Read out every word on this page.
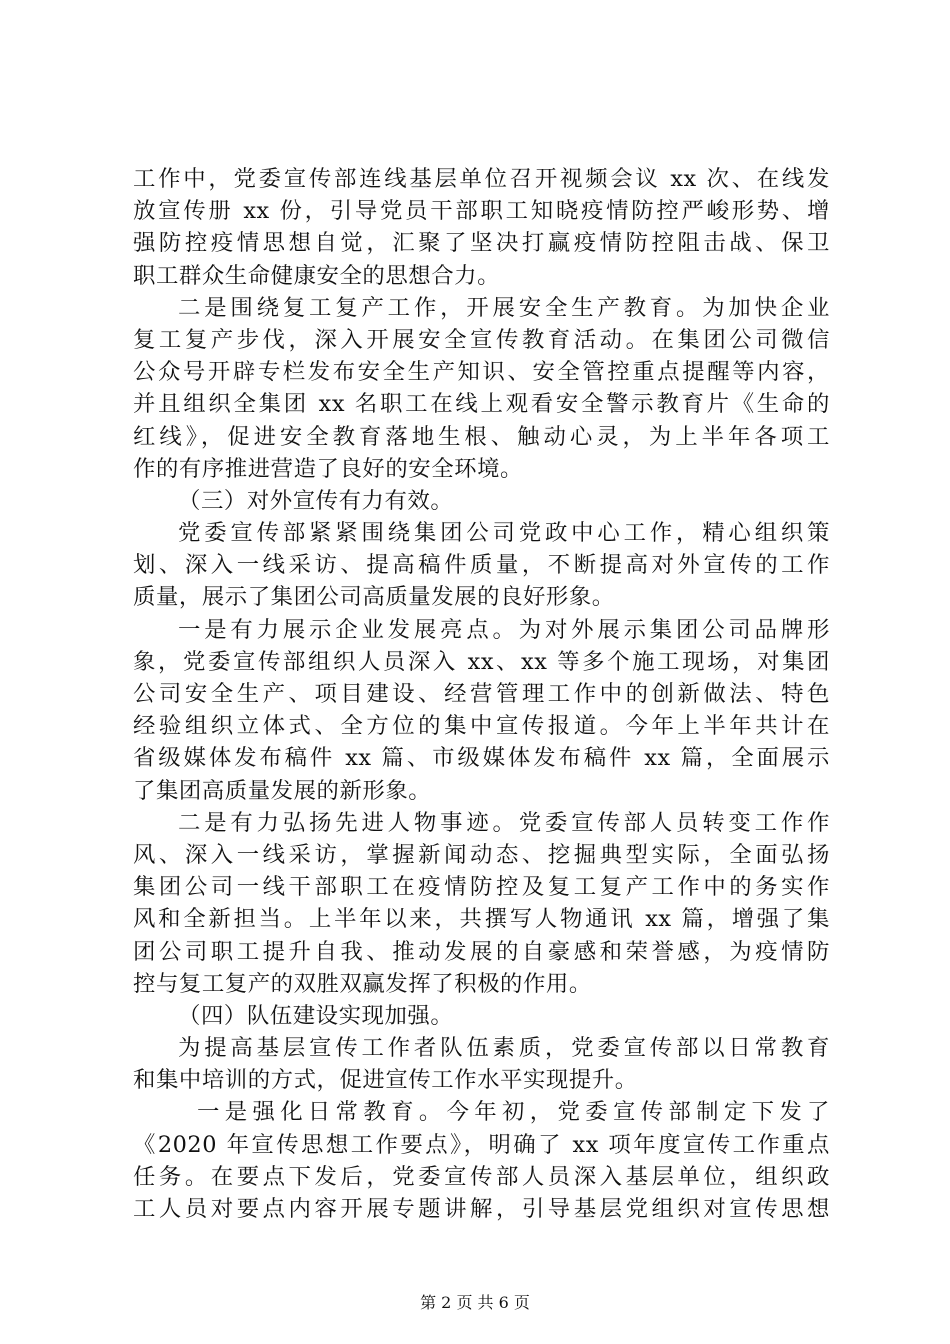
工作中，党委宣传部连线基层单位召开视频会议 xx 次、在线发
放宣传册 xx 份，引导党员干部职工知晓疫情防控严峻形势、增
强防控疫情思想自觉，汇聚了坚决打赢疫情防控阻击战、保卫
职工群众生命健康安全的思想合力。
二是围绕复工复产工作，开展安全生产教育。为加快企业
复工复产步伐，深入开展安全宣传教育活动。在集团公司微信
公众号开辟专栏发布安全生产知识、安全管控重点提醒等内容，
并且组织全集团 xx 名职工在线上观看安全警示教育片《生命的
红线》，促进安全教育落地生根、触动心灵，为上半年各项工
作的有序推进营造了良好的安全环境。
（三）对外宣传有力有效。
党委宣传部紧紧围绕集团公司党政中心工作，精心组织策
划、深入一线采访、提高稿件质量，不断提高对外宣传的工作
质量，展示了集团公司高质量发展的良好形象。
一是有力展示企业发展亮点。为对外展示集团公司品牌形
象，党委宣传部组织人员深入 xx、xx 等多个施工现场，对集团
公司安全生产、项目建设、经营管理工作中的创新做法、特色
经验组织立体式、全方位的集中宣传报道。今年上半年共计在
省级媒体发布稿件 xx 篇、市级媒体发布稿件 xx 篇，全面展示
了集团高质量发展的新形象。
二是有力弘扬先进人物事迹。党委宣传部人员转变工作作
风、深入一线采访，掌握新闻动态、挖掘典型实际，全面弘扬
集团公司一线干部职工在疫情防控及复工复产工作中的务实作
风和全新担当。上半年以来，共撰写人物通讯 xx 篇，增强了集
团公司职工提升自我、推动发展的自豪感和荣誉感，为疫情防
控与复工复产的双胜双赢发挥了积极的作用。
（四）队伍建设实现加强。
为提高基层宣传工作者队伍素质，党委宣传部以日常教育
和集中培训的方式，促进宣传工作水平实现提升。
一是强化日常教育。今年初，党委宣传部制定下发了
《2020 年宣传思想工作要点》，明确了 xx 项年度宣传工作重点
任务。在要点下发后，党委宣传部人员深入基层单位，组织政
工人员对要点内容开展专题讲解，引导基层党组织对宣传思想
第 2 页 共 6 页
